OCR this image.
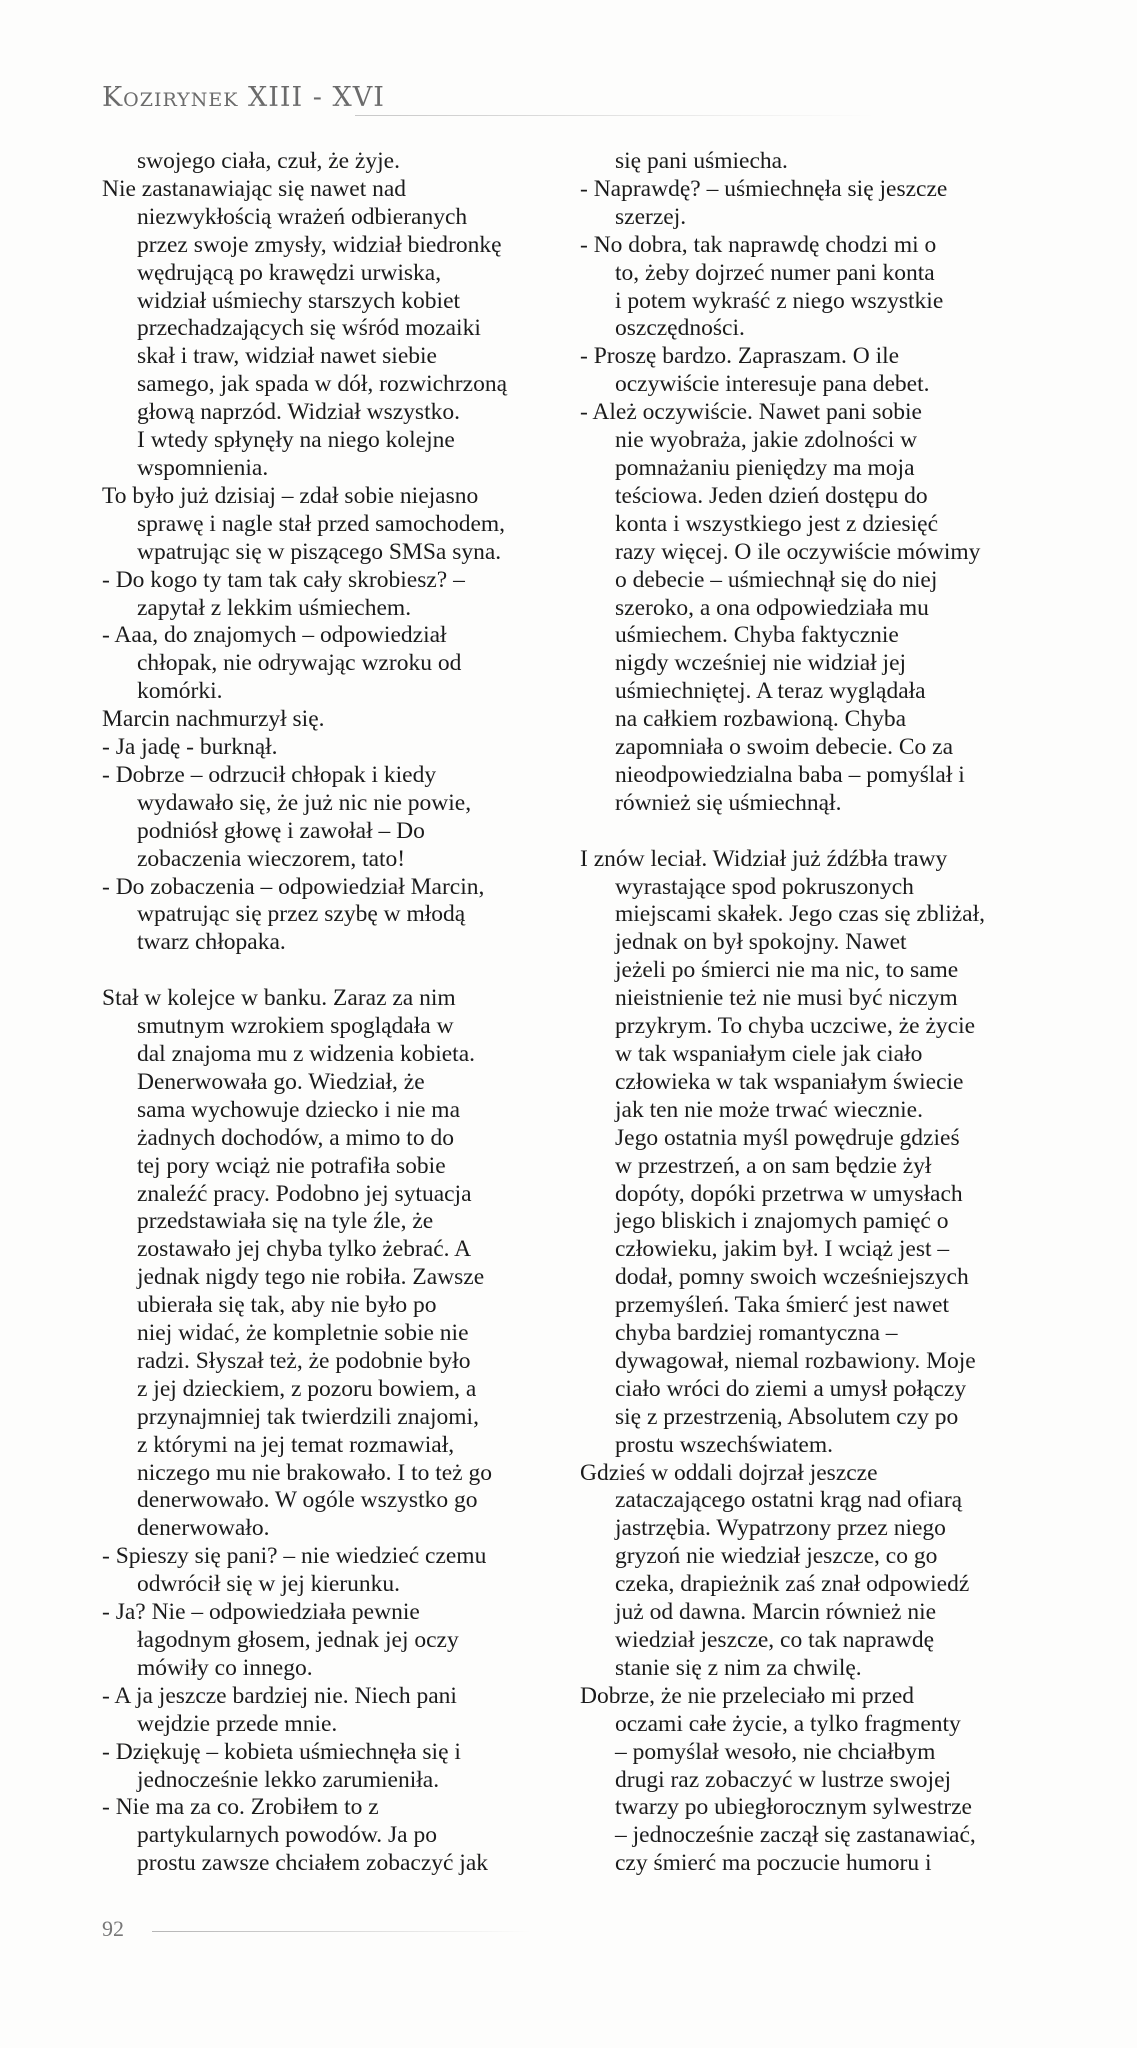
Kozirynek XIII - XVI
swojego ciała, czuł, że żyje.
Nie zastanawiając się nawet nad
niezwykłością wrażeń odbieranych
przez swoje zmysły, widział biedronkę
wędrującą po krawędzi urwiska,
widział uśmiechy starszych kobiet
przechadzających się wśród mozaiki
skał i traw, widział nawet siebie
samego, jak spada w dół, rozwichrzoną
głową naprzód. Widział wszystko.
I wtedy spłynęły na niego kolejne
wspomnienia.
To było już dzisiaj – zdał sobie niejasno
sprawę i nagle stał przed samochodem,
wpatrując się w piszącego SMSa syna.
- Do kogo ty tam tak cały skrobiesz? –
zapytał z lekkim uśmiechem.
- Aaa, do znajomych – odpowiedział
chłopak, nie odrywając wzroku od
komórki.
Marcin nachmurzył się.
- Ja jadę - burknął.
- Dobrze – odrzucił chłopak i kiedy
wydawało się, że już nic nie powie,
podniósł głowę i zawołał – Do
zobaczenia wieczorem, tato!
- Do zobaczenia – odpowiedział Marcin,
wpatrując się przez szybę w młodą
twarz chłopaka.
Stał w kolejce w banku. Zaraz za nim
smutnym wzrokiem spoglądała w
dal znajoma mu z widzenia kobieta.
Denerwowała go. Wiedział, że
sama wychowuje dziecko i nie ma
żadnych dochodów, a mimo to do
tej pory wciąż nie potrafiła sobie
znaleźć pracy. Podobno jej sytuacja
przedstawiała się na tyle źle, że
zostawało jej chyba tylko żebrać. A
jednak nigdy tego nie robiła. Zawsze
ubierała się tak, aby nie było po
niej widać, że kompletnie sobie nie
radzi. Słyszał też, że podobnie było
z jej dzieckiem, z pozoru bowiem, a
przynajmniej tak twierdzili znajomi,
z którymi na jej temat rozmawiał,
niczego mu nie brakowało. I to też go
denerwowało. W ogóle wszystko go
denerwowało.
- Spieszy się pani? – nie wiedzieć czemu
odwrócił się w jej kierunku.
- Ja? Nie – odpowiedziała pewnie
łagodnym głosem, jednak jej oczy
mówiły co innego.
- A ja jeszcze bardziej nie. Niech pani
wejdzie przede mnie.
- Dziękuję – kobieta uśmiechnęła się i
jednocześnie lekko zarumieniła.
- Nie ma za co. Zrobiłem to z
partykularnych powodów. Ja po
prostu zawsze chciałem zobaczyć jak
się pani uśmiecha.
- Naprawdę? – uśmiechnęła się jeszcze
szerzej.
- No dobra, tak naprawdę chodzi mi o
to, żeby dojrzeć numer pani konta
i potem wykraść z niego wszystkie
oszczędności.
- Proszę bardzo. Zapraszam. O ile
oczywiście interesuje pana debet.
- Ależ oczywiście. Nawet pani sobie
nie wyobraża, jakie zdolności w
pomnażaniu pieniędzy ma moja
teściowa. Jeden dzień dostępu do
konta i wszystkiego jest z dziesięć
razy więcej. O ile oczywiście mówimy
o debecie – uśmiechnął się do niej
szeroko, a ona odpowiedziała mu
uśmiechem. Chyba faktycznie
nigdy wcześniej nie widział jej
uśmiechniętej. A teraz wyglądała
na całkiem rozbawioną. Chyba
zapomniała o swoim debecie. Co za
nieodpowiedzialna baba – pomyślał i
również się uśmiechnął.
I znów leciał. Widział już źdźbła trawy
wyrastające spod pokruszonych
miejscami skałek. Jego czas się zbliżał,
jednak on był spokojny. Nawet
jeżeli po śmierci nie ma nic, to same
nieistnienie też nie musi być niczym
przykrym. To chyba uczciwe, że życie
w tak wspaniałym ciele jak ciało
człowieka w tak wspaniałym świecie
jak ten nie może trwać wiecznie.
Jego ostatnia myśl powędruje gdzieś
w przestrzeń, a on sam będzie żył
dopóty, dopóki przetrwa w umysłach
jego bliskich i znajomych pamięć o
człowieku, jakim był. I wciąż jest –
dodał, pomny swoich wcześniejszych
przemyśleń. Taka śmierć jest nawet
chyba bardziej romantyczna –
dywagował, niemal rozbawiony. Moje
ciało wróci do ziemi a umysł połączy
się z przestrzenią, Absolutem czy po
prostu wszechświatem.
Gdzieś w oddali dojrzał jeszcze
zataczającego ostatni krąg nad ofiarą
jastrzębia. Wypatrzony przez niego
gryzoń nie wiedział jeszcze, co go
czeka, drapieżnik zaś znał odpowiedź
już od dawna. Marcin również nie
wiedział jeszcze, co tak naprawdę
stanie się z nim za chwilę.
Dobrze, że nie przeleciało mi przed
oczami całe życie, a tylko fragmenty
– pomyślał wesoło, nie chciałbym
drugi raz zobaczyć w lustrze swojej
twarzy po ubiegłorocznym sylwestrze
– jednocześnie zaczął się zastanawiać,
czy śmierć ma poczucie humoru i
92
